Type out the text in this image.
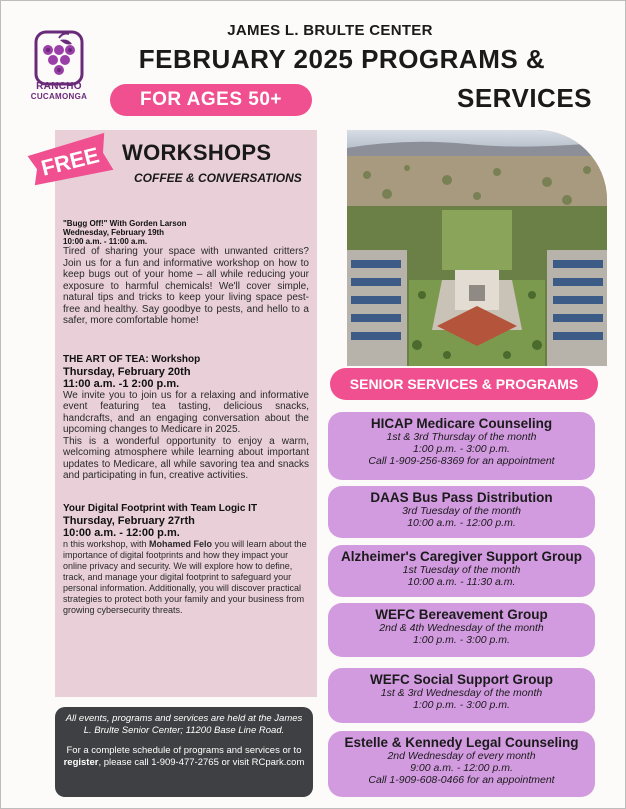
RANCHO
CUCAMONGA
JAMES L. BRULTE CENTER
FEBRUARY 2025 PROGRAMS &
SERVICES
FOR AGES 50+
FREE WORKSHOPS
COFFEE & CONVERSATIONS
"Bugg Off!" With Gorden Larson
Wednesday, February 19th
10:00 a.m. - 11:00 a.m.

Tired of sharing your space with unwanted critters? Join us for a fun and informative workshop on how to keep bugs out of your home – all while reducing your exposure to harmful chemicals! We'll cover simple, natural tips and tricks to keep your living space pest-free and healthy. Say goodbye to pests, and hello to a safer, more comfortable home!

THE ART OF TEA: Workshop
Thursday, February 20th
11:00 a.m. -1 2:00 p.m.

We invite you to join us for a relaxing and informative event featuring tea tasting, delicious snacks, handcrafts, and an engaging conversation about the upcoming changes to Medicare in 2025.

This is a wonderful opportunity to enjoy a warm, welcoming atmosphere while learning about important updates to Medicare, all while savoring tea and snacks and participating in fun, creative activities.

Your Digital Footprint with Team Logic IT
Thursday, February 27rth
10:00 a.m. - 12:00 p.m.

n this workshop, with Mohamed Felo you will learn about the importance of digital footprints and how they impact your online privacy and security. We will explore how to define, track, and manage your digital footprint to safeguard your personal information. Additionally, you will discover practical strategies to protect both your family and your business from growing cybersecurity threats.

All events, programs and services are held at the James L. Brulte Senior Center; 11200 Base Line Road.
For a complete schedule of programs and services or to register, please call 1-909-477-2765 or visit RCpark.com
SENIOR SERVICES & PROGRAMS
HICAP Medicare Counseling
1st & 3rd Thursday of the month
1:00 p.m. - 3:00 p.m.
Call 1-909-256-8369 for an appointment
DAAS Bus Pass Distribution
3rd Tuesday of the month
10:00 a.m. - 12:00 p.m.
Alzheimer's Caregiver Support Group
1st Tuesday of the month
10:00 a.m. - 11:30 a.m.
WEFC Bereavement Group
2nd & 4th Wednesday of the month
1:00 p.m. - 3:00 p.m.
WEFC Social Support Group
1st & 3rd Wednesday of the month
1:00 p.m. - 3:00 p.m.
Estelle & Kennedy Legal Counseling
2nd Wednesday of every month
9:00 a.m. - 12:00 p.m.
Call 1-909-608-0466 for an appointment
